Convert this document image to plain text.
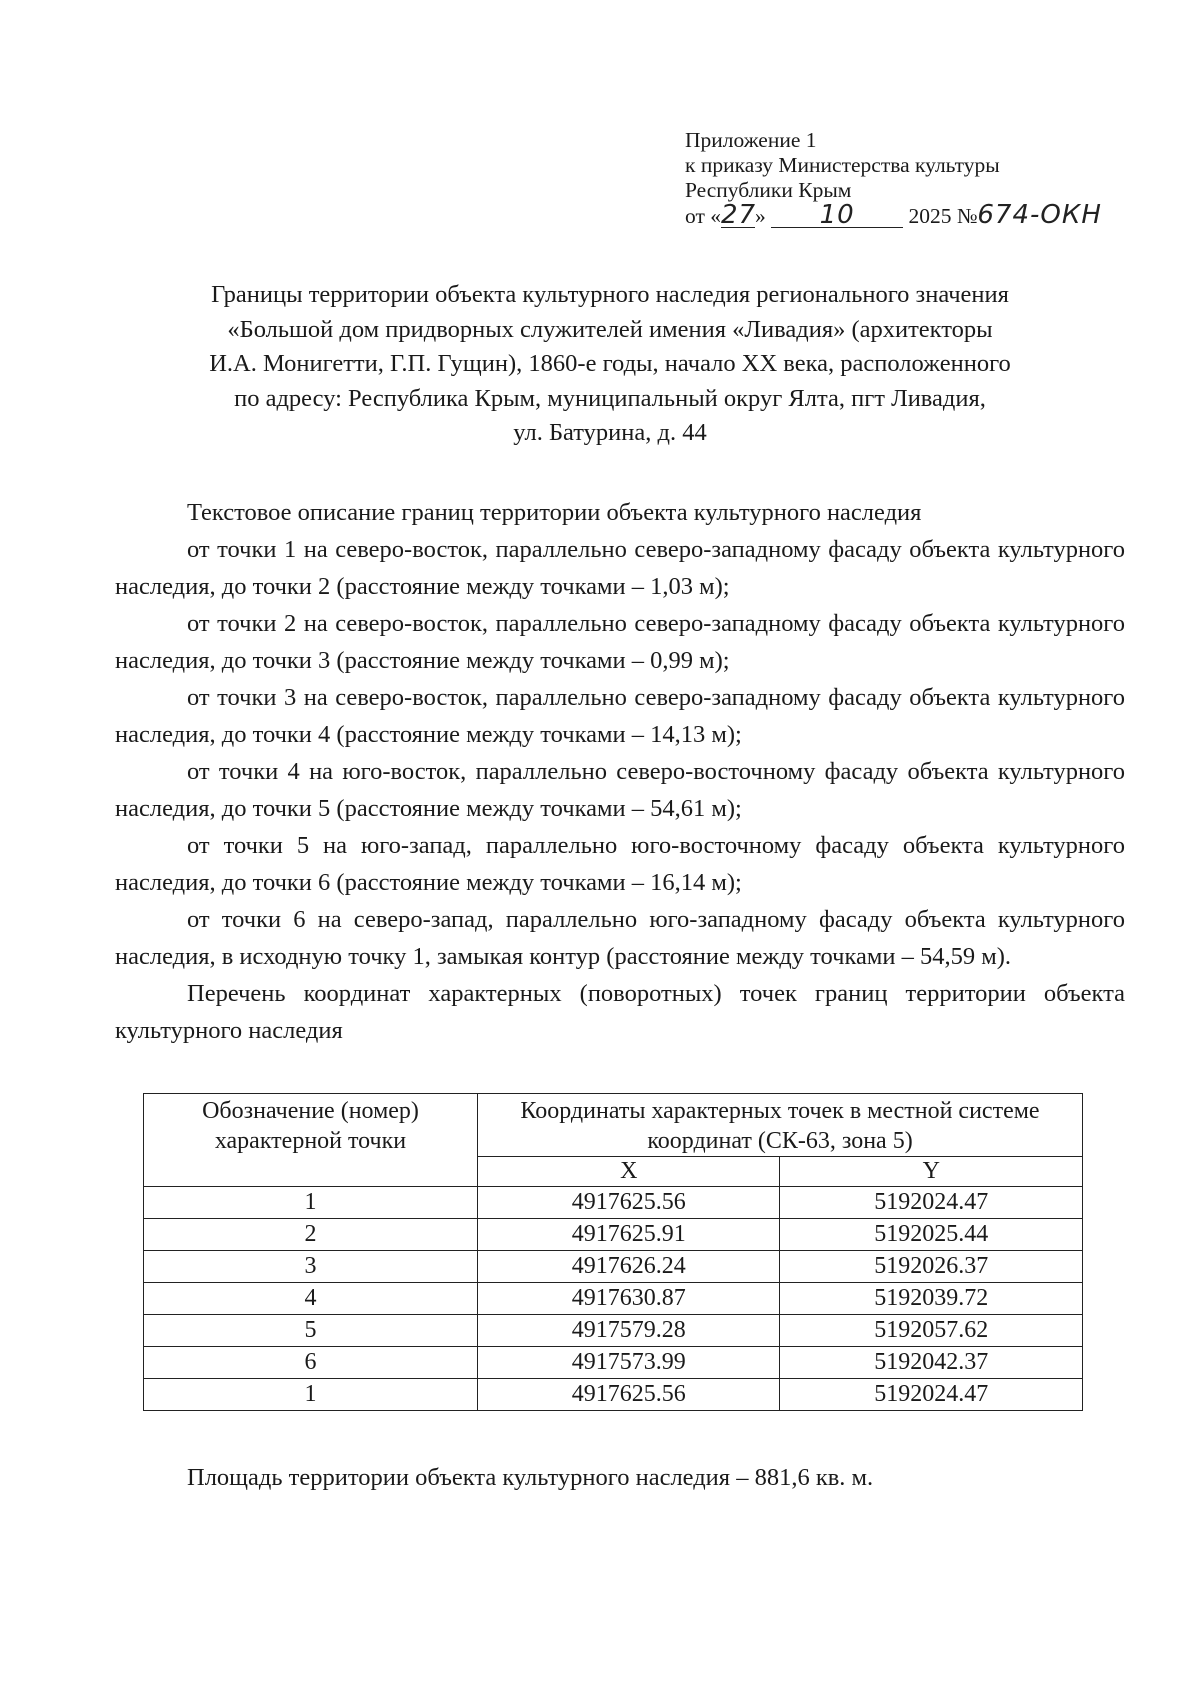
Приложение 1
к приказу Министерства культуры
Республики Крым
от «27» 10	2025 №674-ОКН
Границы территории объекта культурного наследия регионального значения
«Большой дом придворных служителей имения «Ливадия» (архитекторы
И.А. Монигетти, Г.П. Гущин), 1860-е годы, начало XX века, расположенного
по адресу: Республика Крым, муниципальный округ Ялта, пгт Ливадия,
ул. Батурина, д. 44

Текстовое описание границ территории объекта культурного наследия

от точки 1 на северо-восток, параллельно северо-западному фасаду объекта культурного наследия, до точки 2 (расстояние между точками – 1,03 м);

от точки 2 на северо-восток, параллельно северо-западному фасаду объекта культурного наследия, до точки 3 (расстояние между точками – 0,99 м);

от точки 3 на северо-восток, параллельно северо-западному фасаду объекта культурного наследия, до точки 4 (расстояние между точками – 14,13 м);

от точки 4 на юго-восток, параллельно северо-восточному фасаду объекта культурного наследия, до точки 5 (расстояние между точками – 54,61 м);

от точки 5 на юго-запад, параллельно юго-восточному фасаду объекта культурного наследия, до точки 6 (расстояние между точками – 16,14 м);

от точки 6 на северо-запад, параллельно юго-западному фасаду объекта культурного наследия, в исходную точку 1, замыкая контур (расстояние между точками – 54,59 м).

Перечень координат характерных (поворотных) точек границ территории объекта культурного наследия

Обозначение (номер) характерной точки	Координаты характерных точек в местной системе координат (СК-63, зона 5)	
	X	Y
1	4917625.56	5192024.47
2	4917625.91	5192025.44
3	4917626.24	5192026.37
4	4917630.87	5192039.72
5	4917579.28	5192057.62
6	4917573.99	5192042.37
1	4917625.56	5192024.47
Площадь территории объекта культурного наследия – 881,6 кв. м.
